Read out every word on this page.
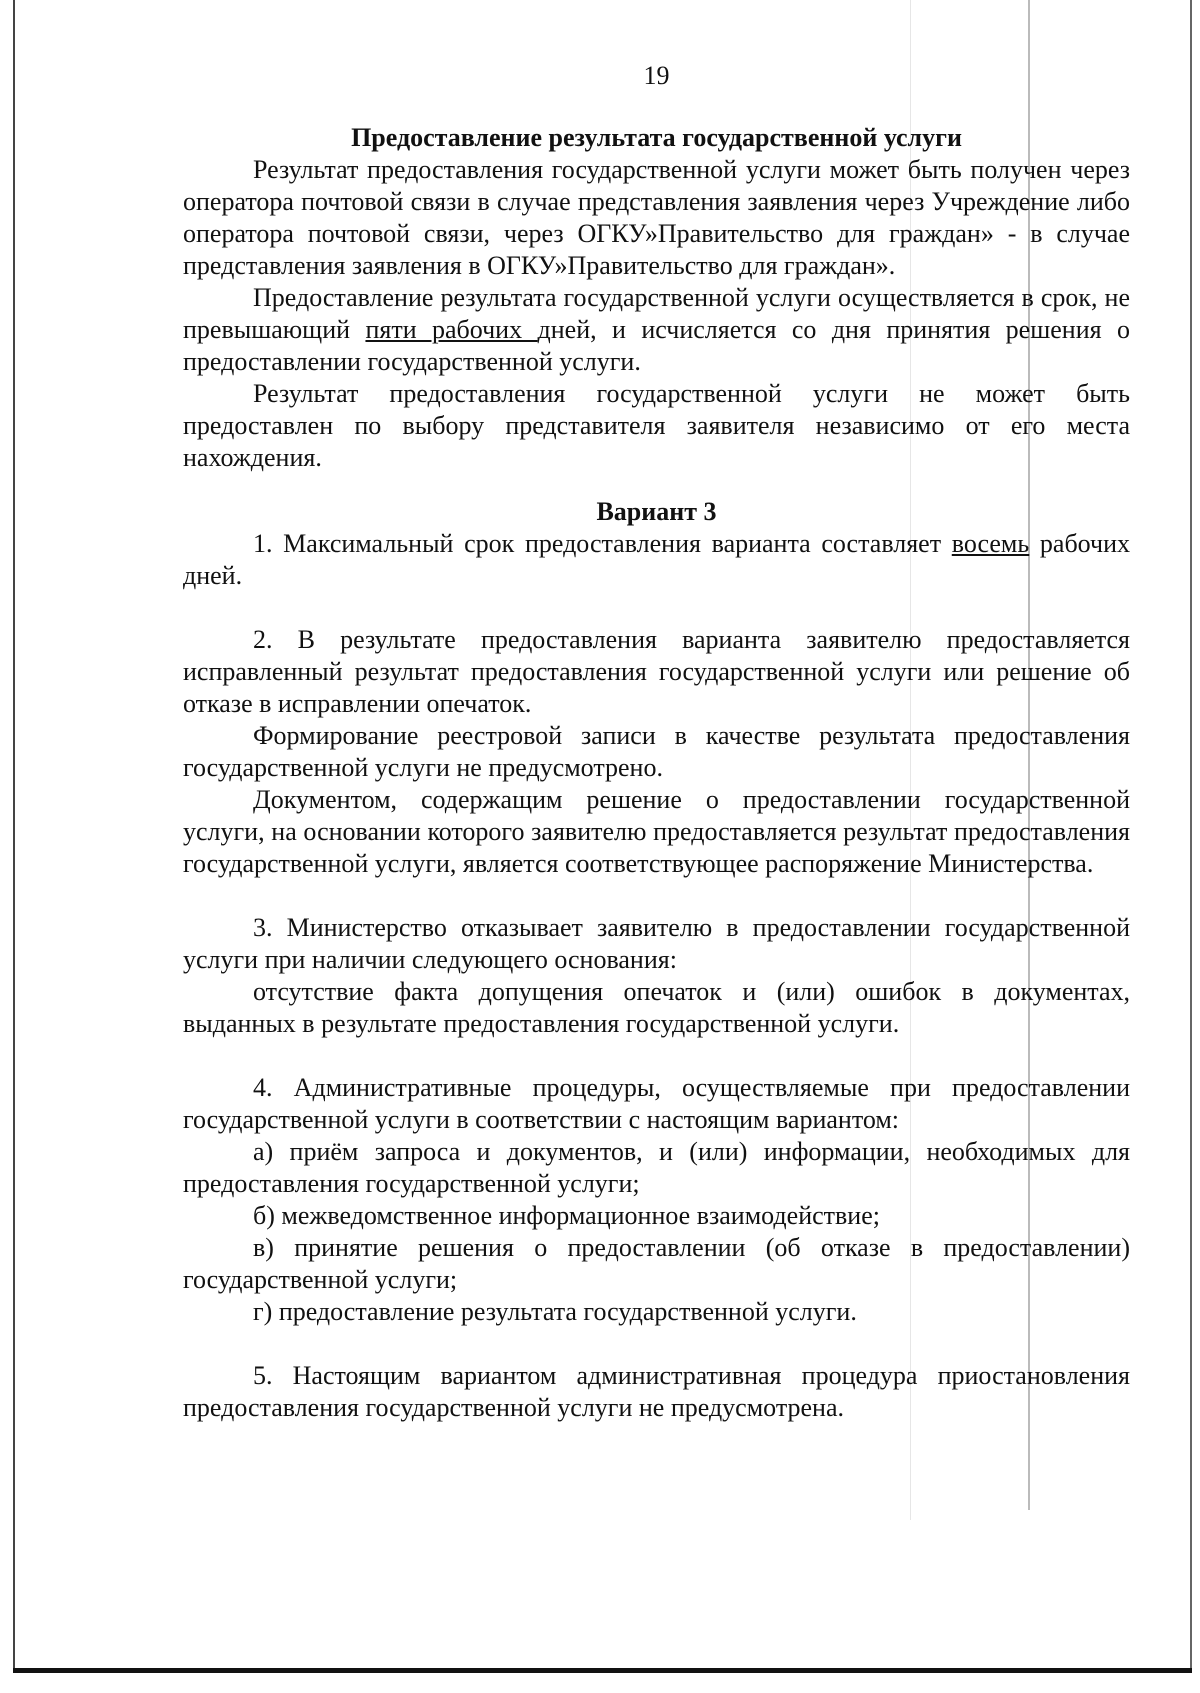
19
Предоставление результата государственной услуги

Результат предоставления государственной услуги может быть получен через оператора почтовой связи в случае представления заявления через Учреждение либо оператора почтовой связи, через ОГКУ»Правительство для граждан» - в случае представления заявления в ОГКУ»Правительство для граждан».

Предоставление результата государственной услуги осуществляется в срок, не превышающий пяти рабочих дней, и исчисляется со дня принятия решения о предоставлении государственной услуги.

Результат предоставления государственной услуги не может быть предоставлен по выбору представителя заявителя независимо от его места нахождения.

Вариант 3

1. Максимальный срок предоставления варианта составляет восемь рабочих дней.

2. В результате предоставления варианта заявителю предоставляется исправленный результат предоставления государственной услуги или решение об отказе в исправлении опечаток.

Формирование реестровой записи в качестве результата предоставления государственной услуги не предусмотрено.

Документом, содержащим решение о предоставлении государственной услуги, на основании которого заявителю предоставляется результат предоставления государственной услуги, является соответствующее распоряжение Министерства.

3. Министерство отказывает заявителю в предоставлении государственной услуги при наличии следующего основания:

отсутствие факта допущения опечаток и (или) ошибок в документах, выданных в результате предоставления государственной услуги.

4. Административные процедуры, осуществляемые при предоставлении государственной услуги в соответствии с настоящим вариантом:

а) приём запроса и документов, и (или) информации, необходимых для предоставления государственной услуги;

б) межведомственное информационное взаимодействие;

в) принятие решения о предоставлении (об отказе в предоставлении) государственной услуги;

г) предоставление результата государственной услуги.

5. Настоящим вариантом административная процедура приостановления предоставления государственной услуги не предусмотрена.
